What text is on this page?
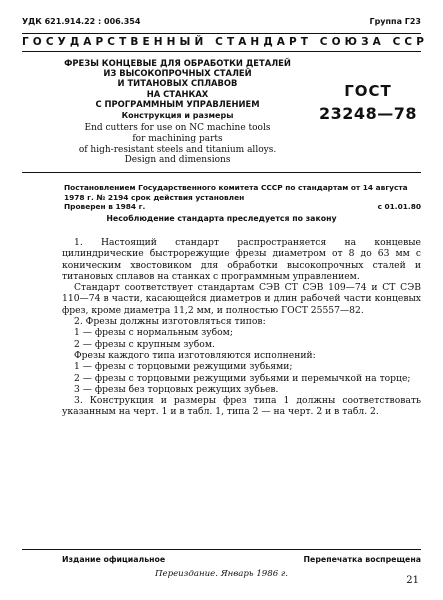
УДК 621.914.22 : 006.354	Группа Г23
ГОСУДАРСТВЕННЫЙ СТАНДАРТ СОЮЗА ССР
ФРЕЗЫ КОНЦЕВЫЕ ДЛЯ ОБРАБОТКИ ДЕТАЛЕЙ
ИЗ ВЫСОКОПРОЧНЫХ СТАЛЕЙ
И ТИТАНОВЫХ СПЛАВОВ
НА СТАНКАХ
С ПРОГРАММНЫМ УПРАВЛЕНИЕМ
Конструкция и размеры
End cutters for use on NC machine tools
for machining parts
of high-resistant steels and titanium alloys.
Design and dimensions
ГОСТ
23248—78
Постановлением Государственного комитета СССР по стандартам от 14 августа
1978 г. № 2194 срок действия установлен
Проверен в 1984 г.	с 01.01.80
Несоблюдение стандарта преследуется по закону

1. Настоящий стандарт распространяется на концевые цилиндрические быстрорежущие фрезы диаметром от 8 до 63 мм с коническим хвостовиком для обработки высокопрочных сталей и титановых сплавов на станках с программным управлением.

Стандарт соответствует стандартам СЭВ СТ СЭВ 109—74 и СТ СЭВ 110—74 в части, касающейся диаметров и длин рабочей части концевых фрез, кроме диаметра 11,2 мм, и полностью ГОСТ 25557—82.

2. Фрезы должны изготовляться типов:

1 — фрезы с нормальным зубом;

2 — фрезы с крупным зубом.

Фрезы каждого типа изготовляются исполнений:

1 — фрезы с торцовыми режущими зубьями;

2 — фрезы с торцовыми режущими зубьями и перемычкой на торце;

3 — фрезы без торцовых режущих зубьев.

3. Конструкция и размеры фрез типа 1 должны соответствовать указанным на черт. 1 и в табл. 1, типа 2 — на черт. 2 и в табл. 2.

Издание официальное	Перепечатка воспрещена
Переиздание. Январь 1986 г.
21
